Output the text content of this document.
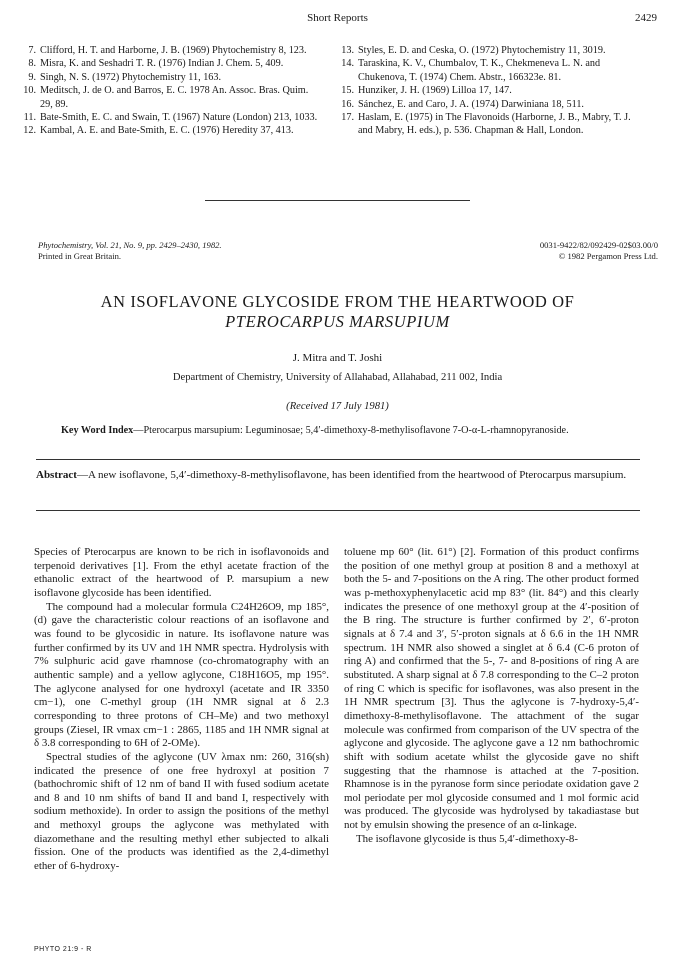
Short Reports	2429
7. Clifford, H. T. and Harborne, J. B. (1969) Phytochemistry 8, 123.
8. Misra, K. and Seshadri T. R. (1976) Indian J. Chem. 5, 409.
9. Singh, N. S. (1972) Phytochemistry 11, 163.
10. Meditsch, J. de O. and Barros, E. C. 1978 An. Assoc. Bras. Quim. 29, 89.
11. Bate-Smith, E. C. and Swain, T. (1967) Nature (London) 213, 1033.
12. Kambal, A. E. and Bate-Smith, E. C. (1976) Heredity 37, 413.
13. Styles, E. D. and Ceska, O. (1972) Phytochemistry 11, 3019.
14. Taraskina, K. V., Chumbalov, T. K., Chekmeneva L. N. and Chukenova, T. (1974) Chem. Abstr., 166323e. 81.
15. Hunziker, J. H. (1969) Lilloa 17, 147.
16. Sánchez, E. and Caro, J. A. (1974) Darwiniana 18, 511.
17. Haslam, E. (1975) in The Flavonoids (Harborne, J. B., Mabry, T. J. and Mabry, H. eds.), p. 536. Chapman & Hall, London.
Phytochemistry, Vol. 21, No. 9, pp. 2429–2430, 1982.
Printed in Great Britain.
0031-9422/82/092429-02$03.00/0
© 1982 Pergamon Press Ltd.
AN ISOFLAVONE GLYCOSIDE FROM THE HEARTWOOD OF
PTEROCARPUS MARSUPIUM
J. Mitra and T. Joshi
Department of Chemistry, University of Allahabad, Allahabad, 211 002, India
(Received 17 July 1981)
Key Word Index—Pterocarpus marsupium: Leguminosae; 5,4′-dimethoxy-8-methylisoflavone 7-O-α-L-rhamnopyranoside.
Abstract—A new isoflavone, 5,4′-dimethoxy-8-methylisoflavone, has been identified from the heartwood of Pterocarpus marsupium.

Species of Pterocarpus are known to be rich in isoflavonoids and terpenoid derivatives [1]. From the ethyl acetate fraction of the ethanolic extract of the heartwood of P. marsupium a new isoflavone glycoside has been identified.

The compound had a molecular formula C24H26O9, mp 185°, (d) gave the characteristic colour reactions of an isoflavone and was found to be glycosidic in nature. Its isoflavone nature was further confirmed by its UV and 1H NMR spectra. Hydrolysis with 7% sulphuric acid gave rhamnose (co-chromatography with an authentic sample) and a yellow aglycone, C18H16O5, mp 195°. The aglycone analysed for one hydroxyl (acetate and IR 3350 cm−1), one C-methyl group (1H NMR signal at δ 2.3 corresponding to three protons of CH–Me) and two methoxyl groups (Ziesel, IR νmax cm−1 : 2865, 1185 and 1H NMR signal at δ 3.8 corresponding to 6H of 2-OMe).

Spectral studies of the aglycone (UV λmax nm: 260, 316(sh) indicated the presence of one free hydroxyl at position 7 (bathochromic shift of 12 nm of band II with fused sodium acetate and 8 and 10 nm shifts of band II and band I, respectively with sodium methoxide). In order to assign the positions of the methyl and methoxyl groups the aglycone was methylated with diazomethane and the resulting methyl ether subjected to alkali fission. One of the products was identified as the 2,4-dimethyl ether of 6-hydroxy-

toluene mp 60° (lit. 61°) [2]. Formation of this product confirms the position of one methyl group at position 8 and a methoxyl at both the 5- and 7-positions on the A ring. The other product formed was p-methoxyphenylacetic acid mp 83° (lit. 84°) and this clearly indicates the presence of one methoxyl group at the 4′-position of the B ring. The structure is further confirmed by 2′, 6′-proton signals at δ 7.4 and 3′, 5′-proton signals at δ 6.6 in the 1H NMR spectrum. 1H NMR also showed a singlet at δ 6.4 (C-6 proton of ring A) and confirmed that the 5-, 7- and 8-positions of ring A are substituted. A sharp signal at δ 7.8 corresponding to the C–2 proton of ring C which is specific for isoflavones, was also present in the 1H NMR spectrum [3]. Thus the aglycone is 7-hydroxy-5,4′-dimethoxy-8-methylisoflavone. The attachment of the sugar molecule was confirmed from comparison of the UV spectra of the aglycone and glycoside. The aglycone gave a 12 nm bathochromic shift with sodium acetate whilst the glycoside gave no shift suggesting that the rhamnose is attached at the 7-position. Rhamnose is in the pyranose form since periodate oxidation gave 2 mol periodate per mol glycoside consumed and 1 mol formic acid was produced. The glycoside was hydrolysed by takadiastase but not by emulsin showing the presence of an α-linkage.

The isoflavone glycoside is thus 5,4′-dimethoxy-8-

PHYTO 21:9 - R
